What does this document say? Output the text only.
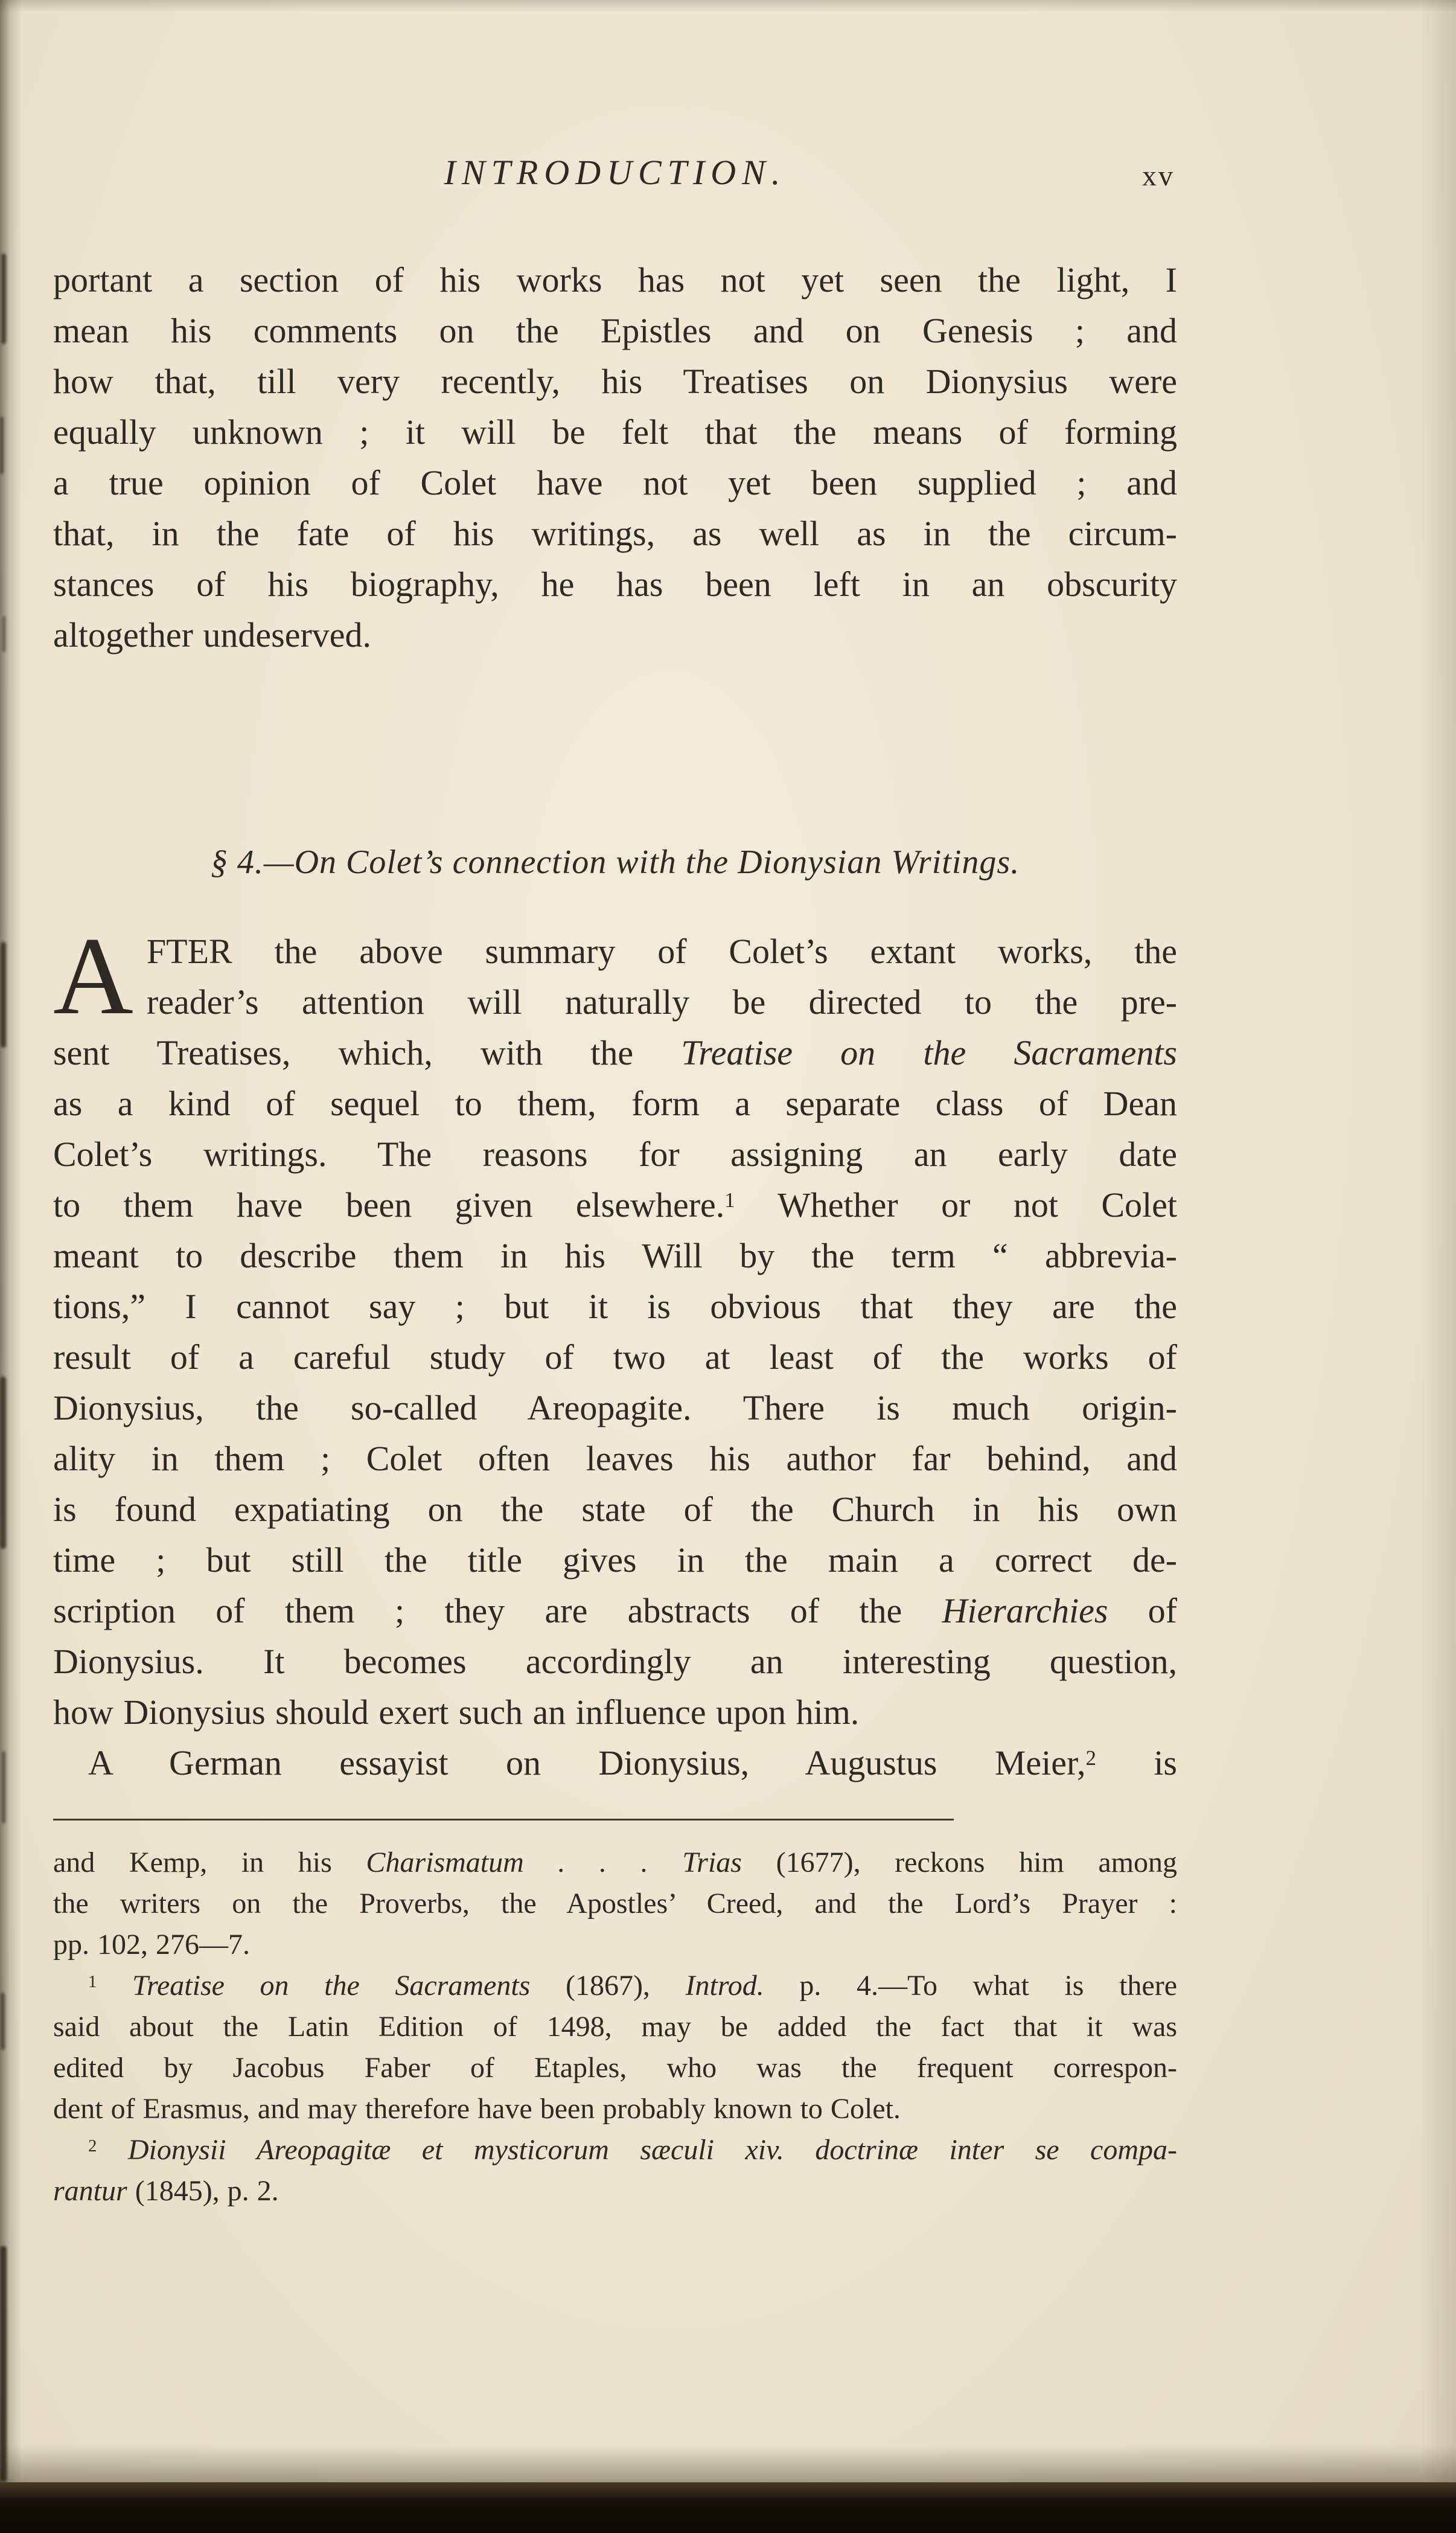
INTRODUCTION.	xv
portant a section of his works has not yet seen the light, I
mean his comments on the Epistles and on Genesis ; and
how that, till very recently, his Treatises on Dionysius were
equally unknown ; it will be felt that the means of forming
a true opinion of Colet have not yet been supplied ; and
that, in the fate of his writings, as well as in the circum-
stances of his biography, he has been left in an obscurity
altogether undeserved.
§ 4.—On Colet’s connection with the Dionysian Writings.
A FTER the above summary of Colet’s extant works, the
reader’s attention will naturally be directed to the pre-
sent Treatises, which, with the Treatise on the Sacraments
as a kind of sequel to them, form a separate class of Dean
Colet’s writings. The reasons for assigning an early date
to them have been given elsewhere.$^1$ Whether or not Colet
meant to describe them in his Will by the term “ abbrevia-
tions,” I cannot say ; but it is obvious that they are the
result of a careful study of two at least of the works of
Dionysius, the so-called Areopagite. There is much origin-
ality in them ; Colet often leaves his author far behind, and
is found expatiating on the state of the Church in his own
time ; but still the title gives in the main a correct de-
scription of them ; they are abstracts of the Hierarchies of
Dionysius. It becomes accordingly an interesting question,
how Dionysius should exert such an influence upon him.
A German essayist on Dionysius, Augustus Meier,$^2$ is
and Kemp, in his Charismatum . . . Trias (1677), reckons him among
the writers on the Proverbs, the Apostles’ Creed, and the Lord’s Prayer :
pp. 102, 276—7.
$^1$ Treatise on the Sacraments (1867), Introd. p. 4.—To what is there
said about the Latin Edition of 1498, may be added the fact that it was
edited by Jacobus Faber of Etaples, who was the frequent correspon-
dent of Erasmus, and may therefore have been probably known to Colet.
$^2$ Dionysii Areopagitæ et mysticorum sæculi xiv. doctrinæ inter se compa-
rantur (1845), p. 2.
